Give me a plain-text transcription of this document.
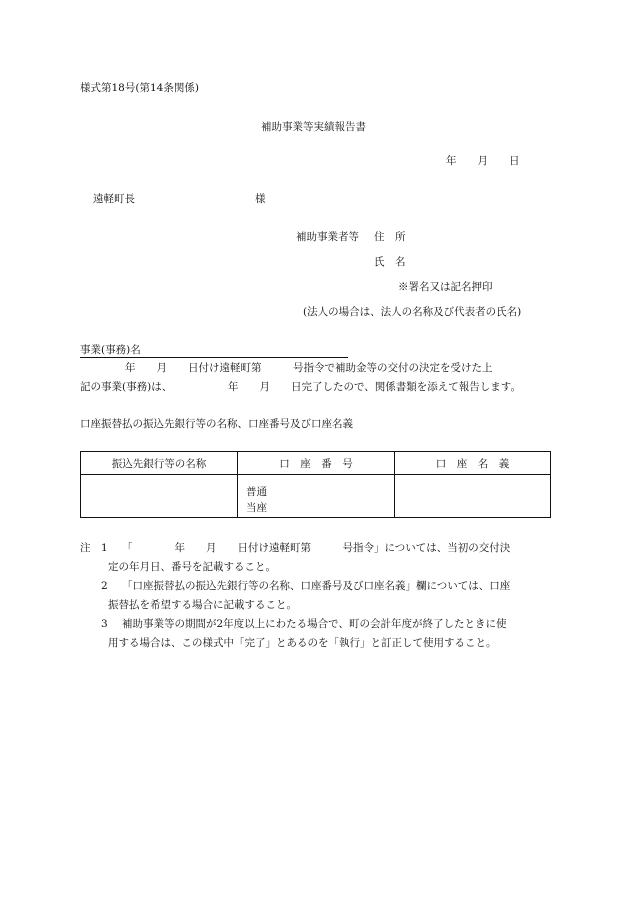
様式第18号(第14条関係)
補助事業等実績報告書
年　　月　　日
遠軽町長	様
補助事業者等 住　所
氏　名
※署名又は記名押印
(法人の場合は、法人の名称及び代表者の氏名)
事業(事務)名
年　　月　　日付け遠軽町第　　　号指令で補助金等の交付の決定を受けた上
記の事業(事務)は、	年　　月　　日完了したので、関係書類を添えて報告します。
口座振替払の振込先銀行等の名称、口座番号及び口座名義
振込先銀行等の名称	口　座　番　号	口　座　名　義

	普通
当座	

注 1 「　　　　年　　月　　日付け遠軽町第　　　号指令」については、当初の交付決
定の年月日、番号を記載すること。
2 「口座振替払の振込先銀行等の名称、口座番号及び口座名義」欄については、口座
振替払を希望する場合に記載すること。
3 補助事業等の期間が2年度以上にわたる場合で、町の会計年度が終了したときに使
用する場合は、この様式中「完了」とあるのを「執行」と訂正して使用すること。
